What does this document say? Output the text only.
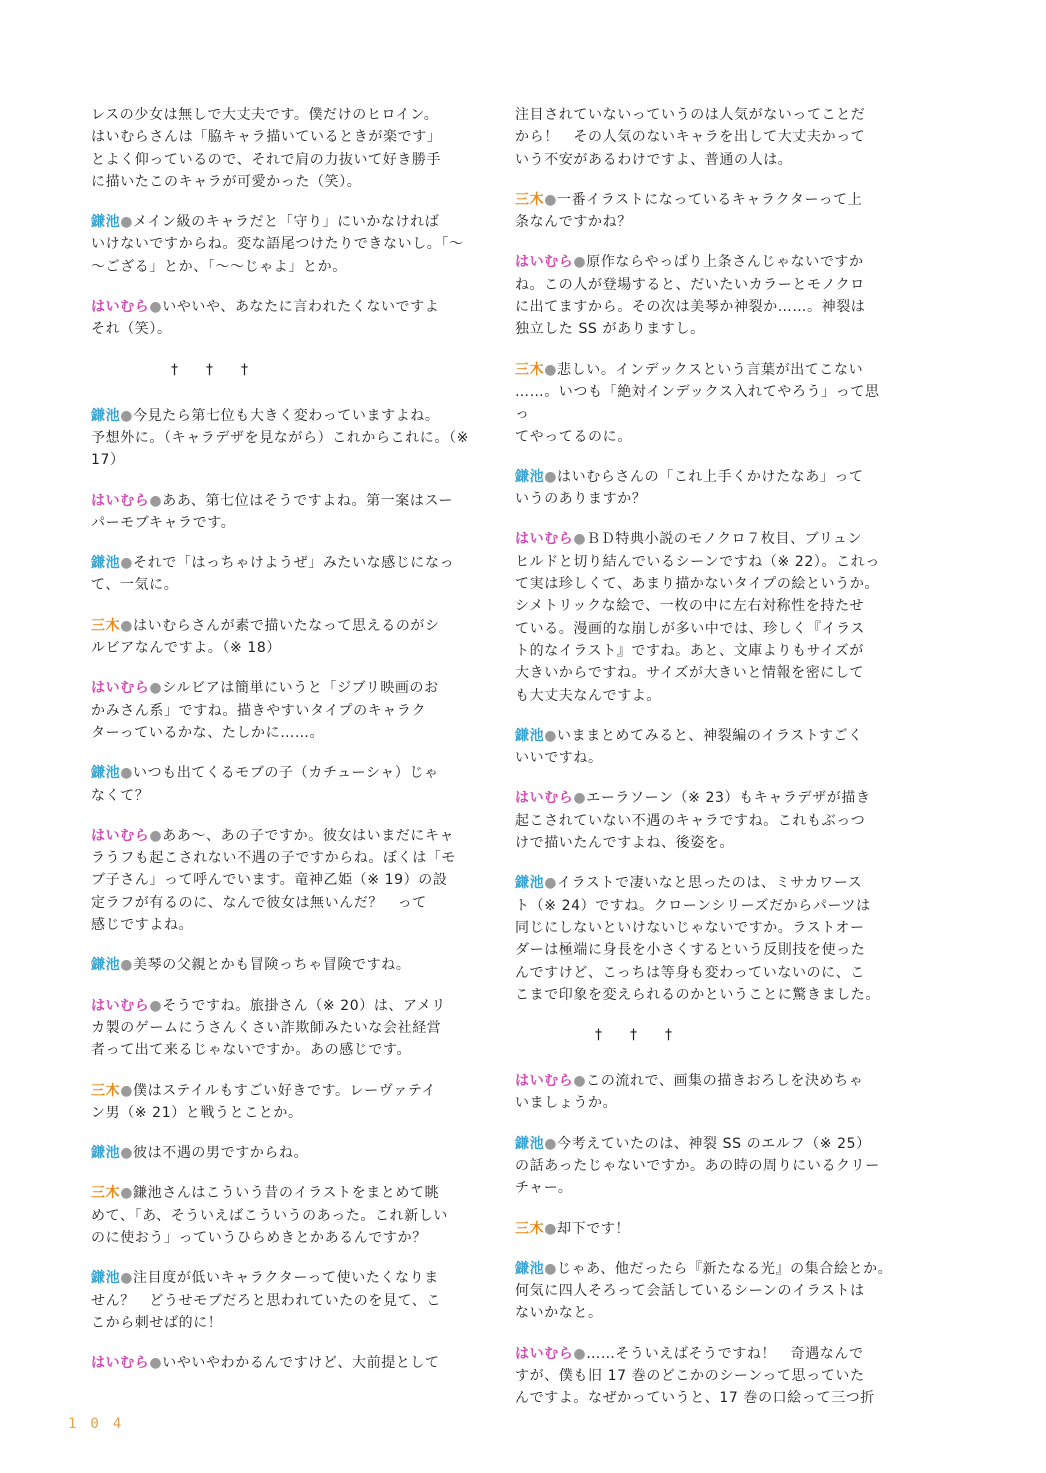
レスの少女は無しで大丈夫です。僕だけのヒロイン。
はいむらさんは「脇キャラ描いているときが楽です」
とよく仰っているので、それで肩の力抜いて好き勝手
に描いたこのキャラが可愛かった（笑）。

鎌池●メイン級のキャラだと「守り」にいかなければ
いけないですからね。変な語尾つけたりできないし。「～
～ござる」とか、「～～じゃよ」とか。

はいむら●いやいや、あなたに言われたくないですよ
それ（笑）。

† † †

鎌池●今見たら第七位も大きく変わっていますよね。
予想外に。（キャラデザを見ながら）これからこれに。（※
17）

はいむら●ああ、第七位はそうですよね。第一案はスー
パーモブキャラです。

鎌池●それで「はっちゃけようぜ」みたいな感じになっ
て、一気に。

三木●はいむらさんが素で描いたなって思えるのがシ
ルビアなんですよ。（※ 18）

はいむら●シルビアは簡単にいうと「ジブリ映画のお
かみさん系」ですね。描きやすいタイプのキャラク
ターっているかな、たしかに……。

鎌池●いつも出てくるモブの子（カチューシャ）じゃ
なくて？

はいむら●ああ～、あの子ですか。彼女はいまだにキャ
ラうフも起こされない不遇の子ですからね。ぼくは「モ
ブ子さん」って呼んでいます。竜神乙姫（※ 19）の設
定ラフが有るのに、なんで彼女は無いんだ？　って
感じですよね。

鎌池●美琴の父親とかも冒険っちゃ冒険ですね。

はいむら●そうですね。旅掛さん（※ 20）は、アメリ
カ製のゲームにうさんくさい詐欺師みたいな会社経営
者って出て来るじゃないですか。あの感じです。

三木●僕はステイルもすごい好きです。レーヴァテイ
ン男（※ 21）と戦うとことか。

鎌池●彼は不遇の男ですからね。

三木●鎌池さんはこういう昔のイラストをまとめて眺
めて、「あ、そういえばこういうのあった。これ新しい
のに使おう」っていうひらめきとかあるんですか？

鎌池●注目度が低いキャラクターって使いたくなりま
せん？　どうせモブだろと思われていたのを見て、こ
こから刺せば的に！

はいむら●いやいやわかるんですけど、大前提として

注目されていないっていうのは人気がないってことだ
から！　その人気のないキャラを出して大丈夫かって
いう不安があるわけですよ、普通の人は。

三木●一番イラストになっているキャラクターって上
条なんですかね？

はいむら●原作ならやっぱり上条さんじゃないですか
ね。この人が登場すると、だいたいカラーとモノクロ
に出てますから。その次は美琴か神裂か……。神裂は
独立した SS がありますし。

三木●悲しい。インデックスという言葉が出てこない
……。いつも「絶対インデックス入れてやろう」って思っ
てやってるのに。

鎌池●はいむらさんの「これ上手くかけたなあ」って
いうのありますか？

はいむら●ＢＤ特典小説のモノクロ７枚目、ブリュン
ヒルドと切り結んでいるシーンですね（※ 22）。これっ
て実は珍しくて、あまり描かないタイプの絵というか。
シメトリックな絵で、一枚の中に左右対称性を持たせ
ている。漫画的な崩しが多い中では、珍しく『イラス
ト的なイラスト』ですね。あと、文庫よりもサイズが
大きいからですね。サイズが大きいと情報を密にして
も大丈夫なんですよ。

鎌池●いままとめてみると、神裂編のイラストすごく
いいですね。

はいむら●エーラソーン（※ 23）もキャラデザが描き
起こされていない不遇のキャラですね。これもぶっつ
けで描いたんですよね、後姿を。

鎌池●イラストで凄いなと思ったのは、ミサカワース
ト（※ 24）ですね。クローンシリーズだからパーツは
同じにしないといけないじゃないですか。ラストオー
ダーは極端に身長を小さくするという反則技を使った
んですけど、こっちは等身も変わっていないのに、こ
こまで印象を変えられるのかということに驚きました。

† † †

はいむら●この流れで、画集の描きおろしを決めちゃ
いましょうか。

鎌池●今考えていたのは、神裂 SS のエルフ（※ 25）
の話あったじゃないですか。あの時の周りにいるクリー
チャー。

三木●却下です！

鎌池●じゃあ、他だったら『新たなる光』の集合絵とか。
何気に四人そろって会話しているシーンのイラストは
ないかなと。

はいむら●……そういえばそうですね！　奇遇なんで
すが、僕も旧 17 巻のどこかのシーンって思っていた
んですよ。なぜかっていうと、17 巻の口絵って三つ折

104
